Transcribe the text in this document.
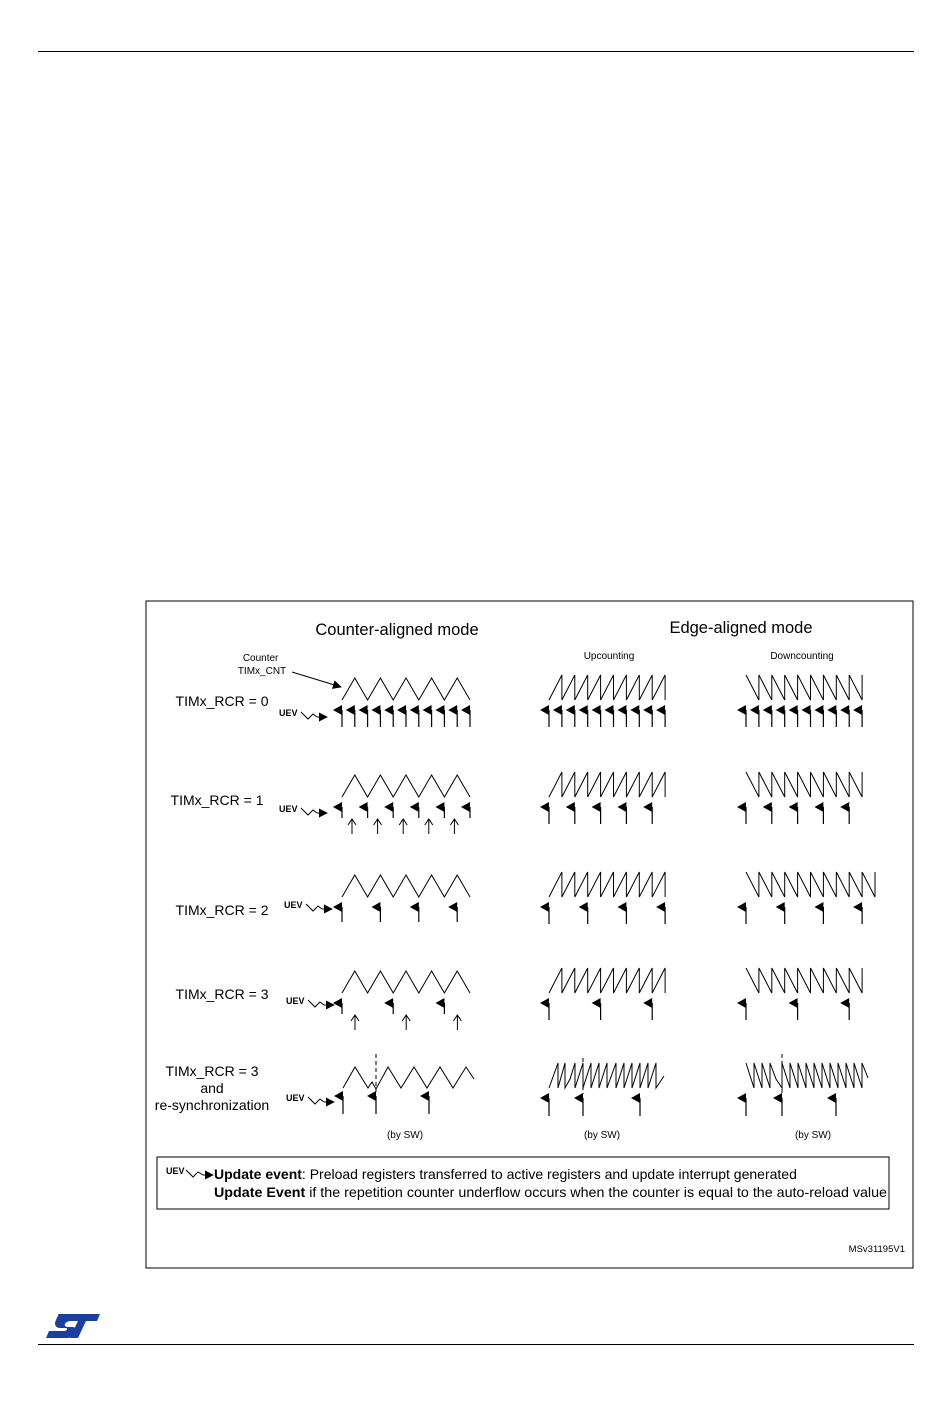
Counter-aligned mode	Edge-aligned mode
Upcounting	Downcounting
Counter TIMx_CNT
TIMx_RCR = 0
UEV
TIMx_RCR = 1
UEV
TIMx_RCR = 2 UEV
TIMx_RCR = 3 UEV
TIMx_RCR = 3 and re-synchronization UEV
(by SW)	(by SW)	(by SW)
UEV Update event: Preload registers transferred to active registers and update interrupt generated
Update Event if the repetition counter underflow occurs when the counter is equal to the auto-reload value
MSv31195V1
